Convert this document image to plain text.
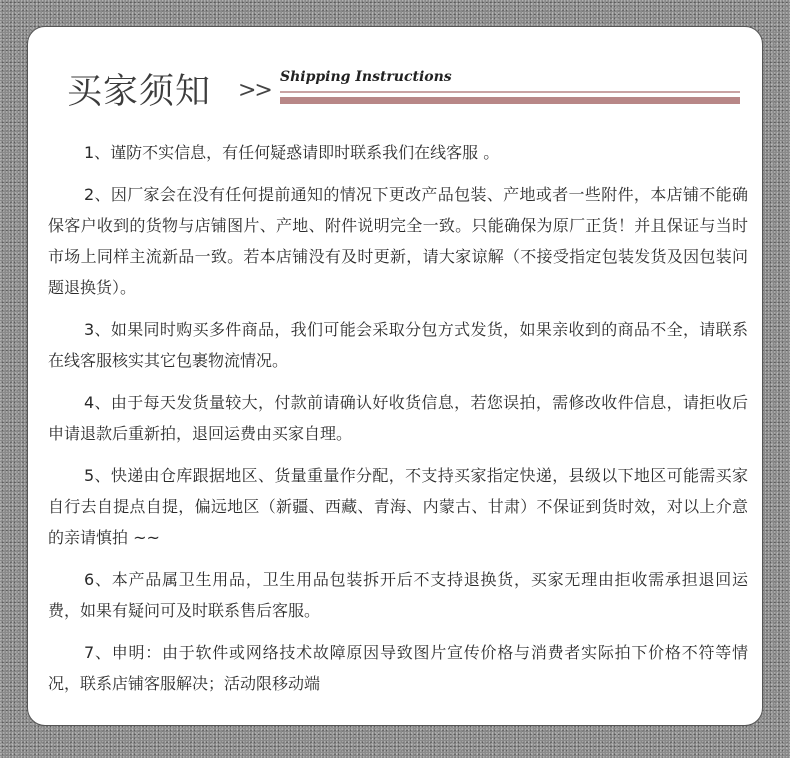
买家须知 >>
Shipping Instructions

1、谨防不实信息，有任何疑惑请即时联系我们在线客服 。

2、因厂家会在没有任何提前通知的情况下更改产品包装、产地或者一些附件，本店铺不能确保客户收到的货物与店铺图片、产地、附件说明完全一致。只能确保为原厂正货！并且保证与当时市场上同样主流新品一致。若本店铺没有及时更新，请大家谅解（不接受指定包装发货及因包装问题退换货）。

3、如果同时购买多件商品，我们可能会采取分包方式发货，如果亲收到的商品不全，请联系在线客服核实其它包裹物流情况。

4、由于每天发货量较大，付款前请确认好收货信息，若您误拍，需修改收件信息，请拒收后申请退款后重新拍，退回运费由买家自理。

5、快递由仓库跟据地区、货量重量作分配，不支持买家指定快递，县级以下地区可能需买家自行去自提点自提，偏远地区（新疆、西藏、青海、内蒙古、甘肃）不保证到货时效，对以上介意的亲请慎拍 ~~

6、本产品属卫生用品，卫生用品包装拆开后不支持退换货，买家无理由拒收需承担退回运费，如果有疑问可及时联系售后客服。

7、申明：由于软件或网络技术故障原因导致图片宣传价格与消费者实际拍下价格不符等情况，联系店铺客服解决；活动限移动端
